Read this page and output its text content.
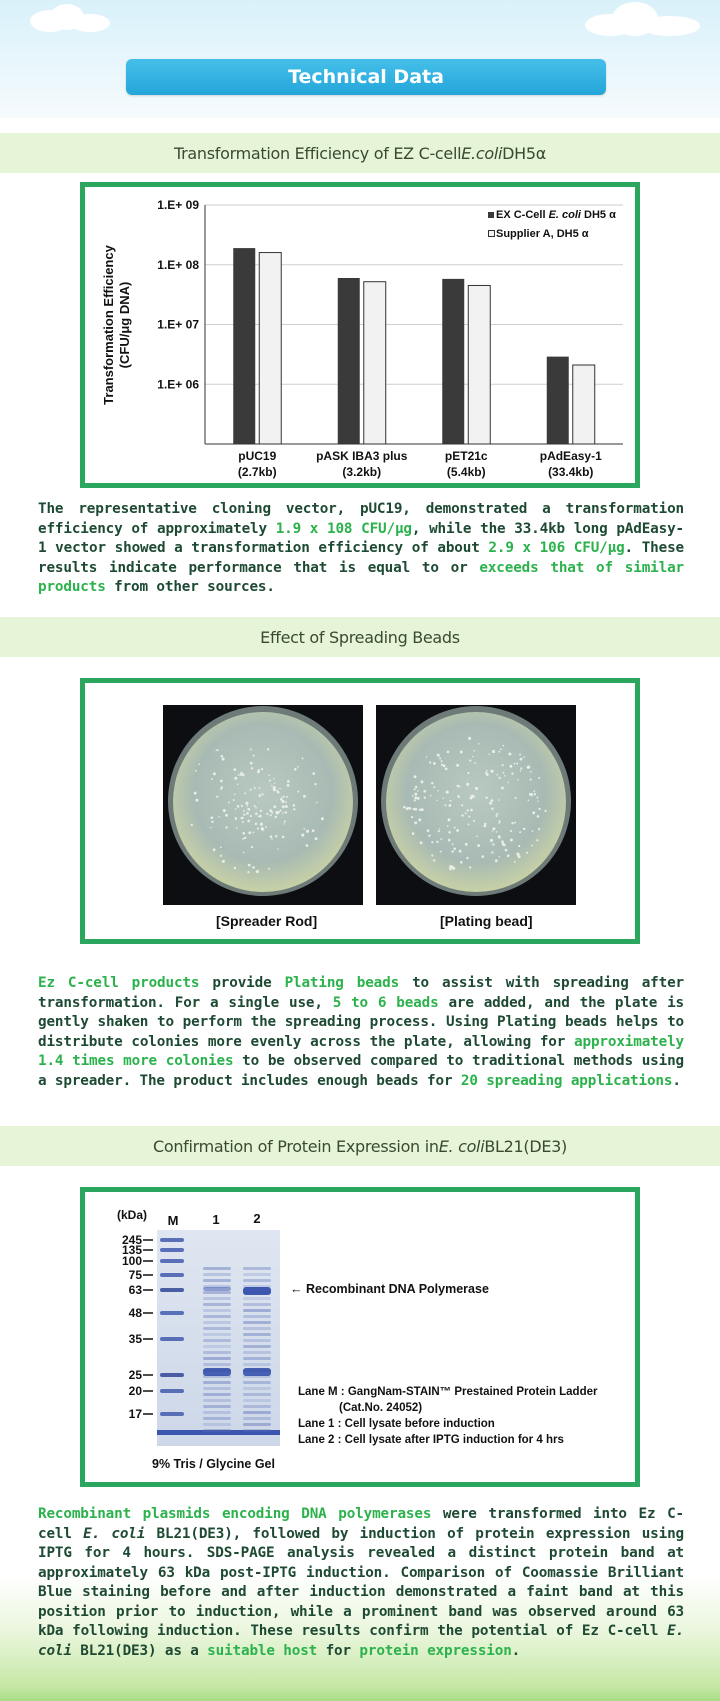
Technical Data
Transformation Efficiency of EZ C-cell E.coli DH5α
1.E+ 09
1.E+ 08
1.E+ 07
1.E+ 06
pUC19
(2.7kb)
pASK IBA3 plus
(3.2kb)
pET21c
(5.4kb)
pAdEasy-1
(33.4kb)
Transformation Efficiency (CFU/μg DNA)
EX C-Cell E. coli DH5 α
Supplier A, DH5 α
The representative cloning vector, pUC19, demonstrated a transformation efficiency of approximately 1.9 x 108 CFU/μg, while the 33.4kb long pAdEasy-1 vector showed a transformation efficiency of about 2.9 x 106 CFU/μg. These results indicate performance that is equal to or exceeds that of similar products from other sources.
Effect of Spreading Beads
[Spreader Rod]	[Plating bead]
Ez C-cell products provide Plating beads to assist with spreading after transformation. For a single use, 5 to 6 beads are added, and the plate is gently shaken to perform the spreading process. Using Plating beads helps to distribute colonies more evenly across the plate, allowing for approximately 1.4 times more colonies to be observed compared to traditional methods using a spreader. The product includes enough beads for 20 spreading applications.
Confirmation of Protein Expression in E. coli BL21(DE3)
(kDa) M	1	2
245
135
100
75
63
48
35
25
20
17
← Recombinant DNA Polymerase
Lane M : GangNam-STAIN™ Prestained Protein Ladder
(Cat.No. 24052)
Lane 1 : Cell lysate before induction
Lane 2 : Cell lysate after IPTG induction for 4 hrs
9% Tris / Glycine Gel
Recombinant plasmids encoding DNA polymerases were transformed into Ez C-cell E. coli BL21(DE3), followed by induction of protein expression using IPTG for 4 hours. SDS-PAGE analysis revealed a distinct protein band at approximately 63 kDa post-IPTG induction. Comparison of Coomassie Brilliant Blue staining before and after induction demonstrated a faint band at this position prior to induction, while a prominent band was observed around 63 kDa following induction. These results confirm the potential of Ez C-cell E. coli BL21(DE3) as a suitable host for protein expression.
